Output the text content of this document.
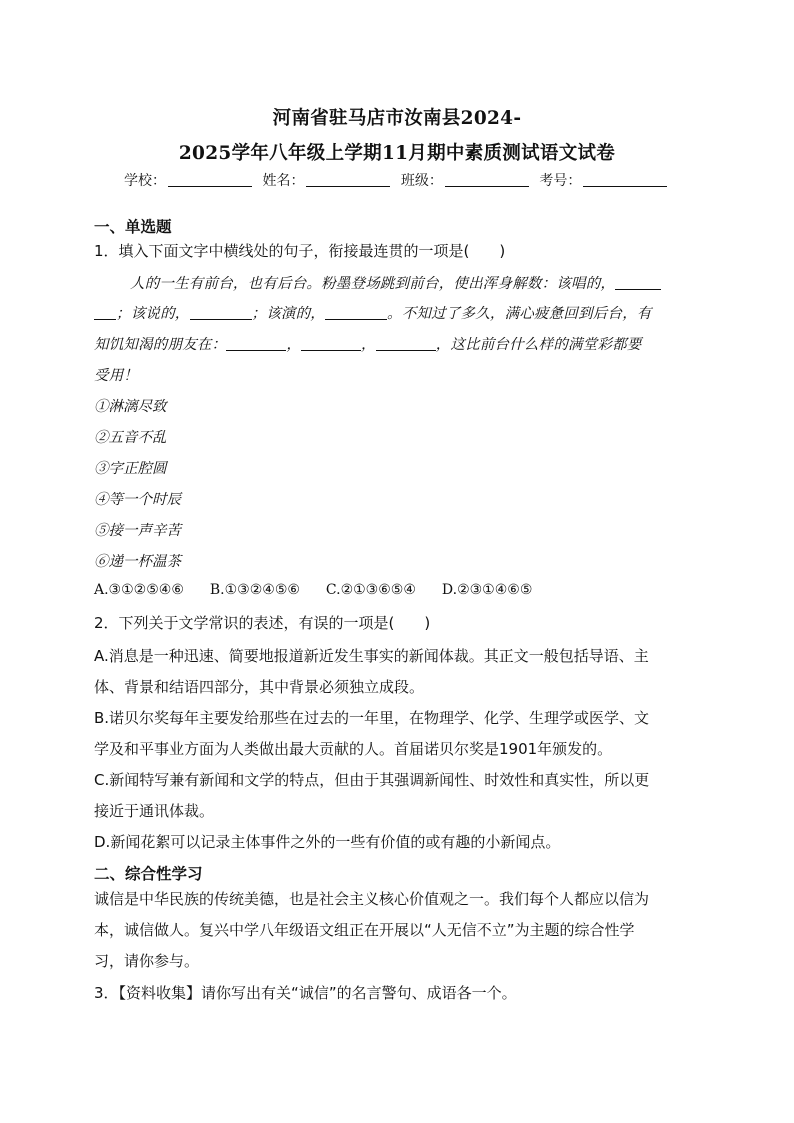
河南省驻马店市汝南县2024-
2025学年八年级上学期11月期中素质测试语文试卷
学校：	姓名：	班级：	考号：
一、单选题
1．填入下面文字中横线处的句子，衔接最连贯的一项是(　　)
人的一生有前台，也有后台。粉墨登场跳到前台，使出浑身解数：该唱的，
；该说的，	；该演的，	。不知过了多久，满心疲惫回到后台，有
知饥知渴的朋友在：	，	，	，这比前台什么样的满堂彩都要
受用！
①淋漓尽致
②五音不乱
③字正腔圆
④等一个时辰
⑤接一声辛苦
⑥递一杯温茶
A.③①②⑤④⑥ B.①③②④⑤⑥ C.②①③⑥⑤④ D.②③①④⑥⑤
2．下列关于文学常识的表述，有误的一项是(　　)
A.消息是一种迅速、简要地报道新近发生事实的新闻体裁。其正文一般包括导语、主
体、背景和结语四部分，其中背景必须独立成段。
B.诺贝尔奖每年主要发给那些在过去的一年里，在物理学、化学、生理学或医学、文
学及和平事业方面为人类做出最大贡献的人。首届诺贝尔奖是1901年颁发的。
C.新闻特写兼有新闻和文学的特点，但由于其强调新闻性、时效性和真实性，所以更
接近于通讯体裁。
D.新闻花絮可以记录主体事件之外的一些有价值的或有趣的小新闻点。
二、综合性学习
诚信是中华民族的传统美德，也是社会主义核心价值观之一。我们每个人都应以信为
本，诚信做人。复兴中学八年级语文组正在开展以“人无信不立”为主题的综合性学
习，请你参与。
3．【资料收集】请你写出有关“诚信”的名言警句、成语各一个。
